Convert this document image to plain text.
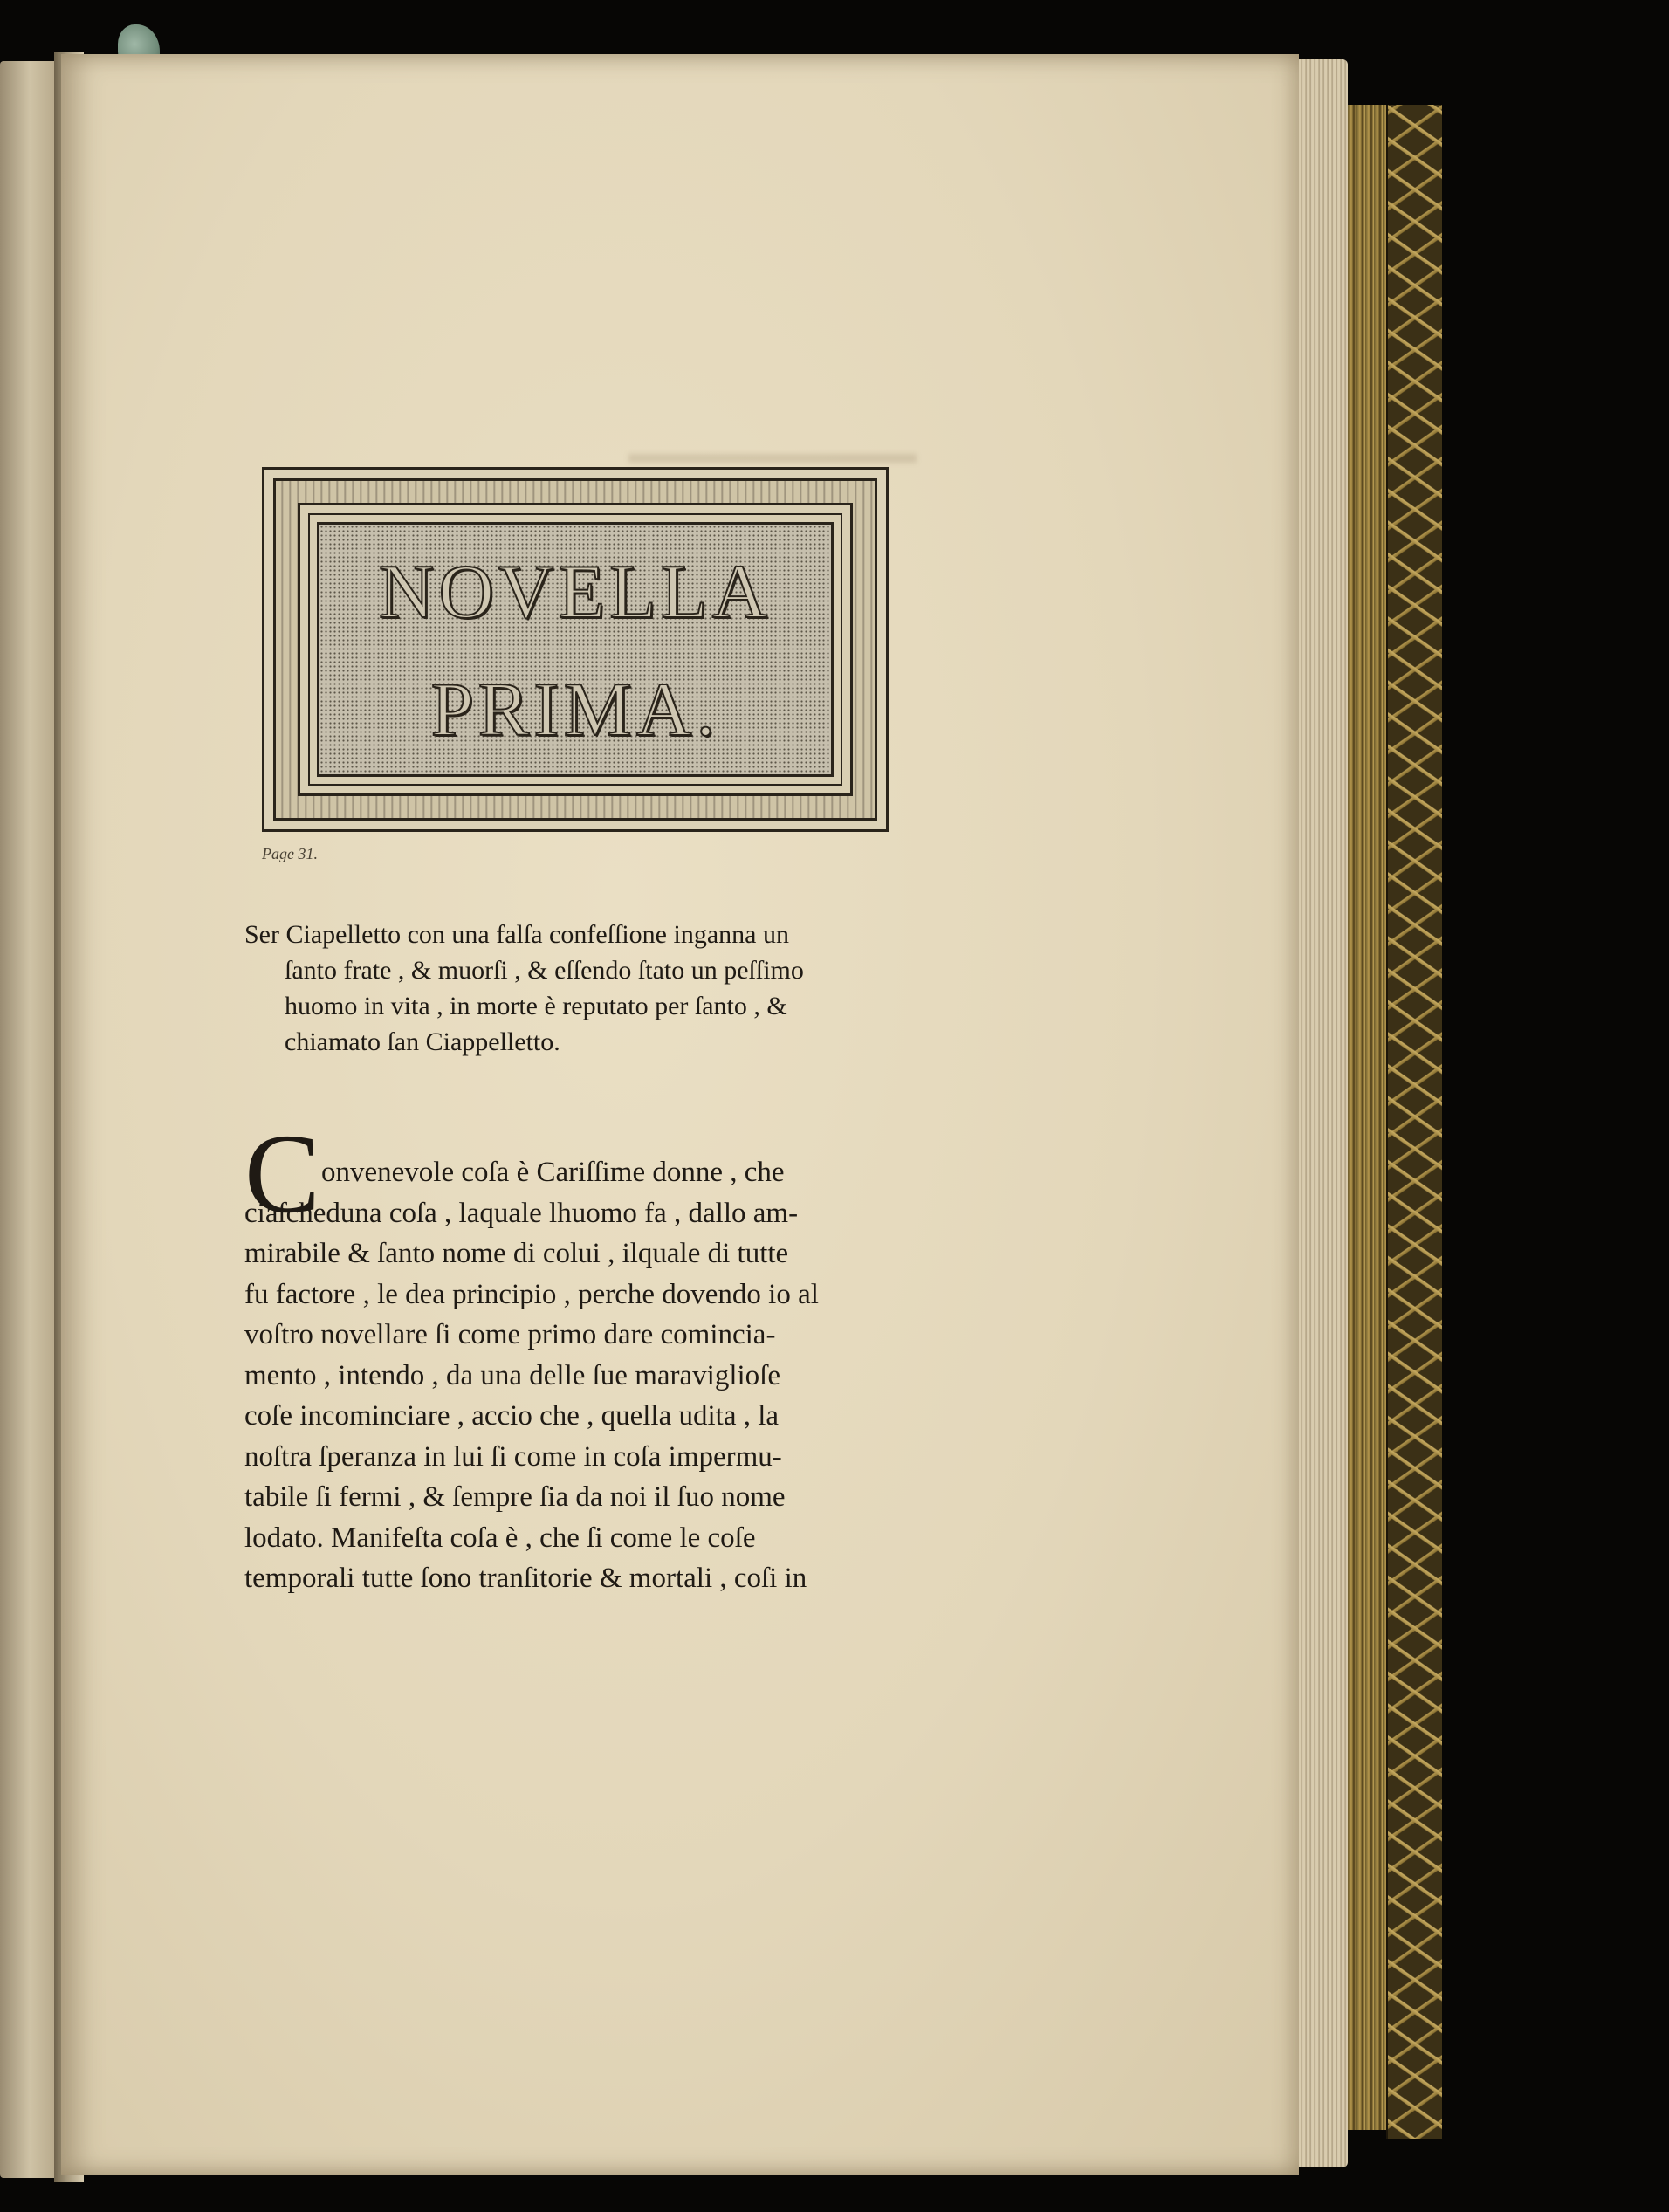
NOVELLA
PRIMA.
Page 31.
Ser Ciapelletto con una falſa confeſſione inganna un
ſanto frate , & muorſi , & eſſendo ſtato un peſſimo
huomo in vita , in morte è reputato per ſanto , &
chiamato ſan Ciappelletto.
C onvenevole coſa è Cariſſime donne , che
ciaſcheduna coſa , laquale lhuomo fa , dallo am-
mirabile & ſanto nome di colui , ilquale di tutte
fu factore , le dea principio , perche dovendo io al
voſtro novellare ſi come primo dare comincia-
mento , intendo , da una delle ſue maraviglioſe
coſe incominciare , accio che , quella udita , la
noſtra ſperanza in lui ſi come in coſa impermu-
tabile ſi fermi , & ſempre ſia da noi il ſuo nome
lodato. Manifeſta coſa è , che ſi come le coſe
temporali tutte ſono tranſitorie & mortali , coſi in
